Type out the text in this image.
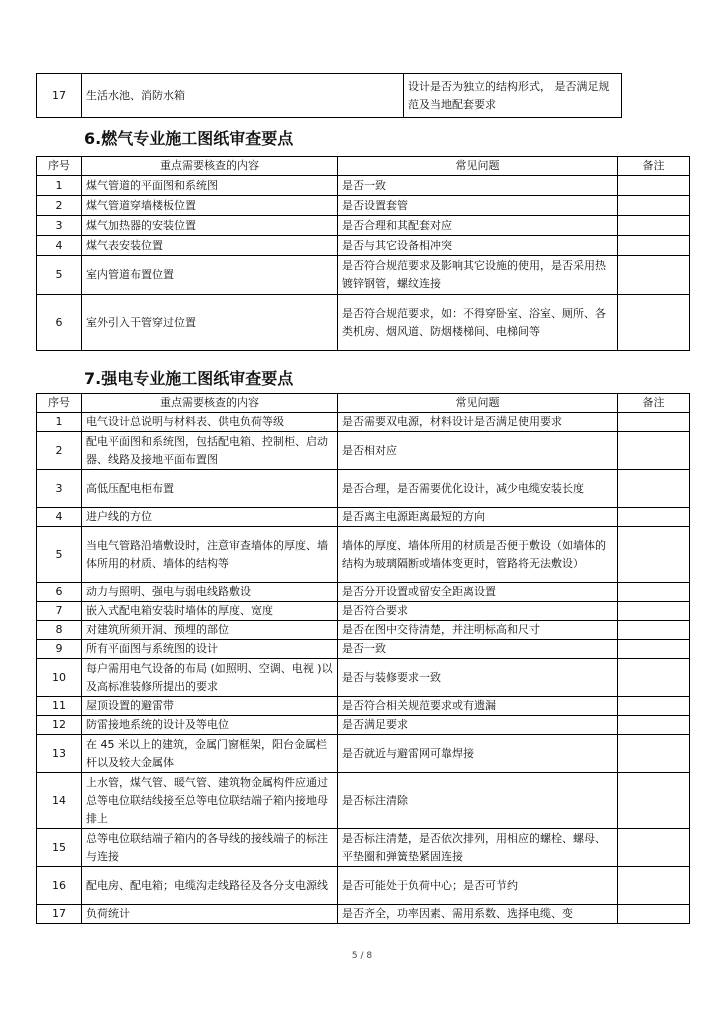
17	生活水池、消防水箱	设计是否为独立的结构形式， 是否满足规范及当地配套要求
6.燃气专业施工图纸审查要点
序号	重点需要核查的内容	常见问题	备注
1	煤气管道的平面图和系统图	是否一致	
2	煤气管道穿墙楼板位置	是否设置套管	
3	煤气加热器的安装位置	是否合理和其配套对应	
4	煤气表安装位置	是否与其它设备相冲突	
5	室内管道布置位置	是否符合规范要求及影响其它设施的使用，是否采用热镀锌钢管，螺纹连接	
6	室外引入干管穿过位置	是否符合规范要求，如：不得穿卧室、浴室、厕所、各类机房、烟风道、防烟楼梯间、电梯间等	
7.强电专业施工图纸审查要点
序号	重点需要核查的内容	常见问题	备注
1	电气设计总说明与材料表、供电负荷等级	是否需要双电源，材料设计是否满足使用要求	
2	配电平面图和系统图，包括配电箱、控制柜、启动器、线路及接地平面布置图	是否相对应	
3	高低压配电柜布置	是否合理，是否需要优化设计，减少电缆安装长度	
4	进户线的方位	是否离主电源距离最短的方向	
5	当电气管路沿墙敷设时，注意审查墙体的厚度、墙体所用的材质、墙体的结构等	墙体的厚度、墙体所用的材质是否便于敷设（如墙体的结构为玻璃隔断或墙体变更时，管路将无法敷设）	
6	动力与照明、强电与弱电线路敷设	是否分开设置或留安全距离设置	
7	嵌入式配电箱安装时墙体的厚度、宽度	是否符合要求	
8	对建筑所须开洞、预埋的部位	是否在图中交待清楚，并注明标高和尺寸	
9	所有平面图与系统图的设计	是否一致	
10	每户需用电气设备的布局 (如照明、空调、电视 )以及高标准装修所提出的要求	是否与装修要求一致	
11	屋顶设置的避雷带	是否符合相关规范要求或有遗漏	
12	防雷接地系统的设计及等电位	是否满足要求	
13	在 45 米以上的建筑，金属门窗框架，阳台金属栏杆以及较大金属体	是否就近与避雷网可靠焊接	
14	上水管，煤气管、暖气管、建筑物金属构件应通过总等电位联结线接至总等电位联结端子箱内接地母排上	是否标注清除	
15	总等电位联结端子箱内的各导线的接线端子的标注与连接	是否标注清楚，是否依次排列，用相应的螺栓、螺母、平垫圈和弹簧垫紧固连接	
16	配电房、配电箱；电缆沟走线路径及各分支电源线	是否可能处于负荷中心；是否可节约	
17	负荷统计	是否齐全，功率因素、需用系数、选择电缆、变	
5 / 8
